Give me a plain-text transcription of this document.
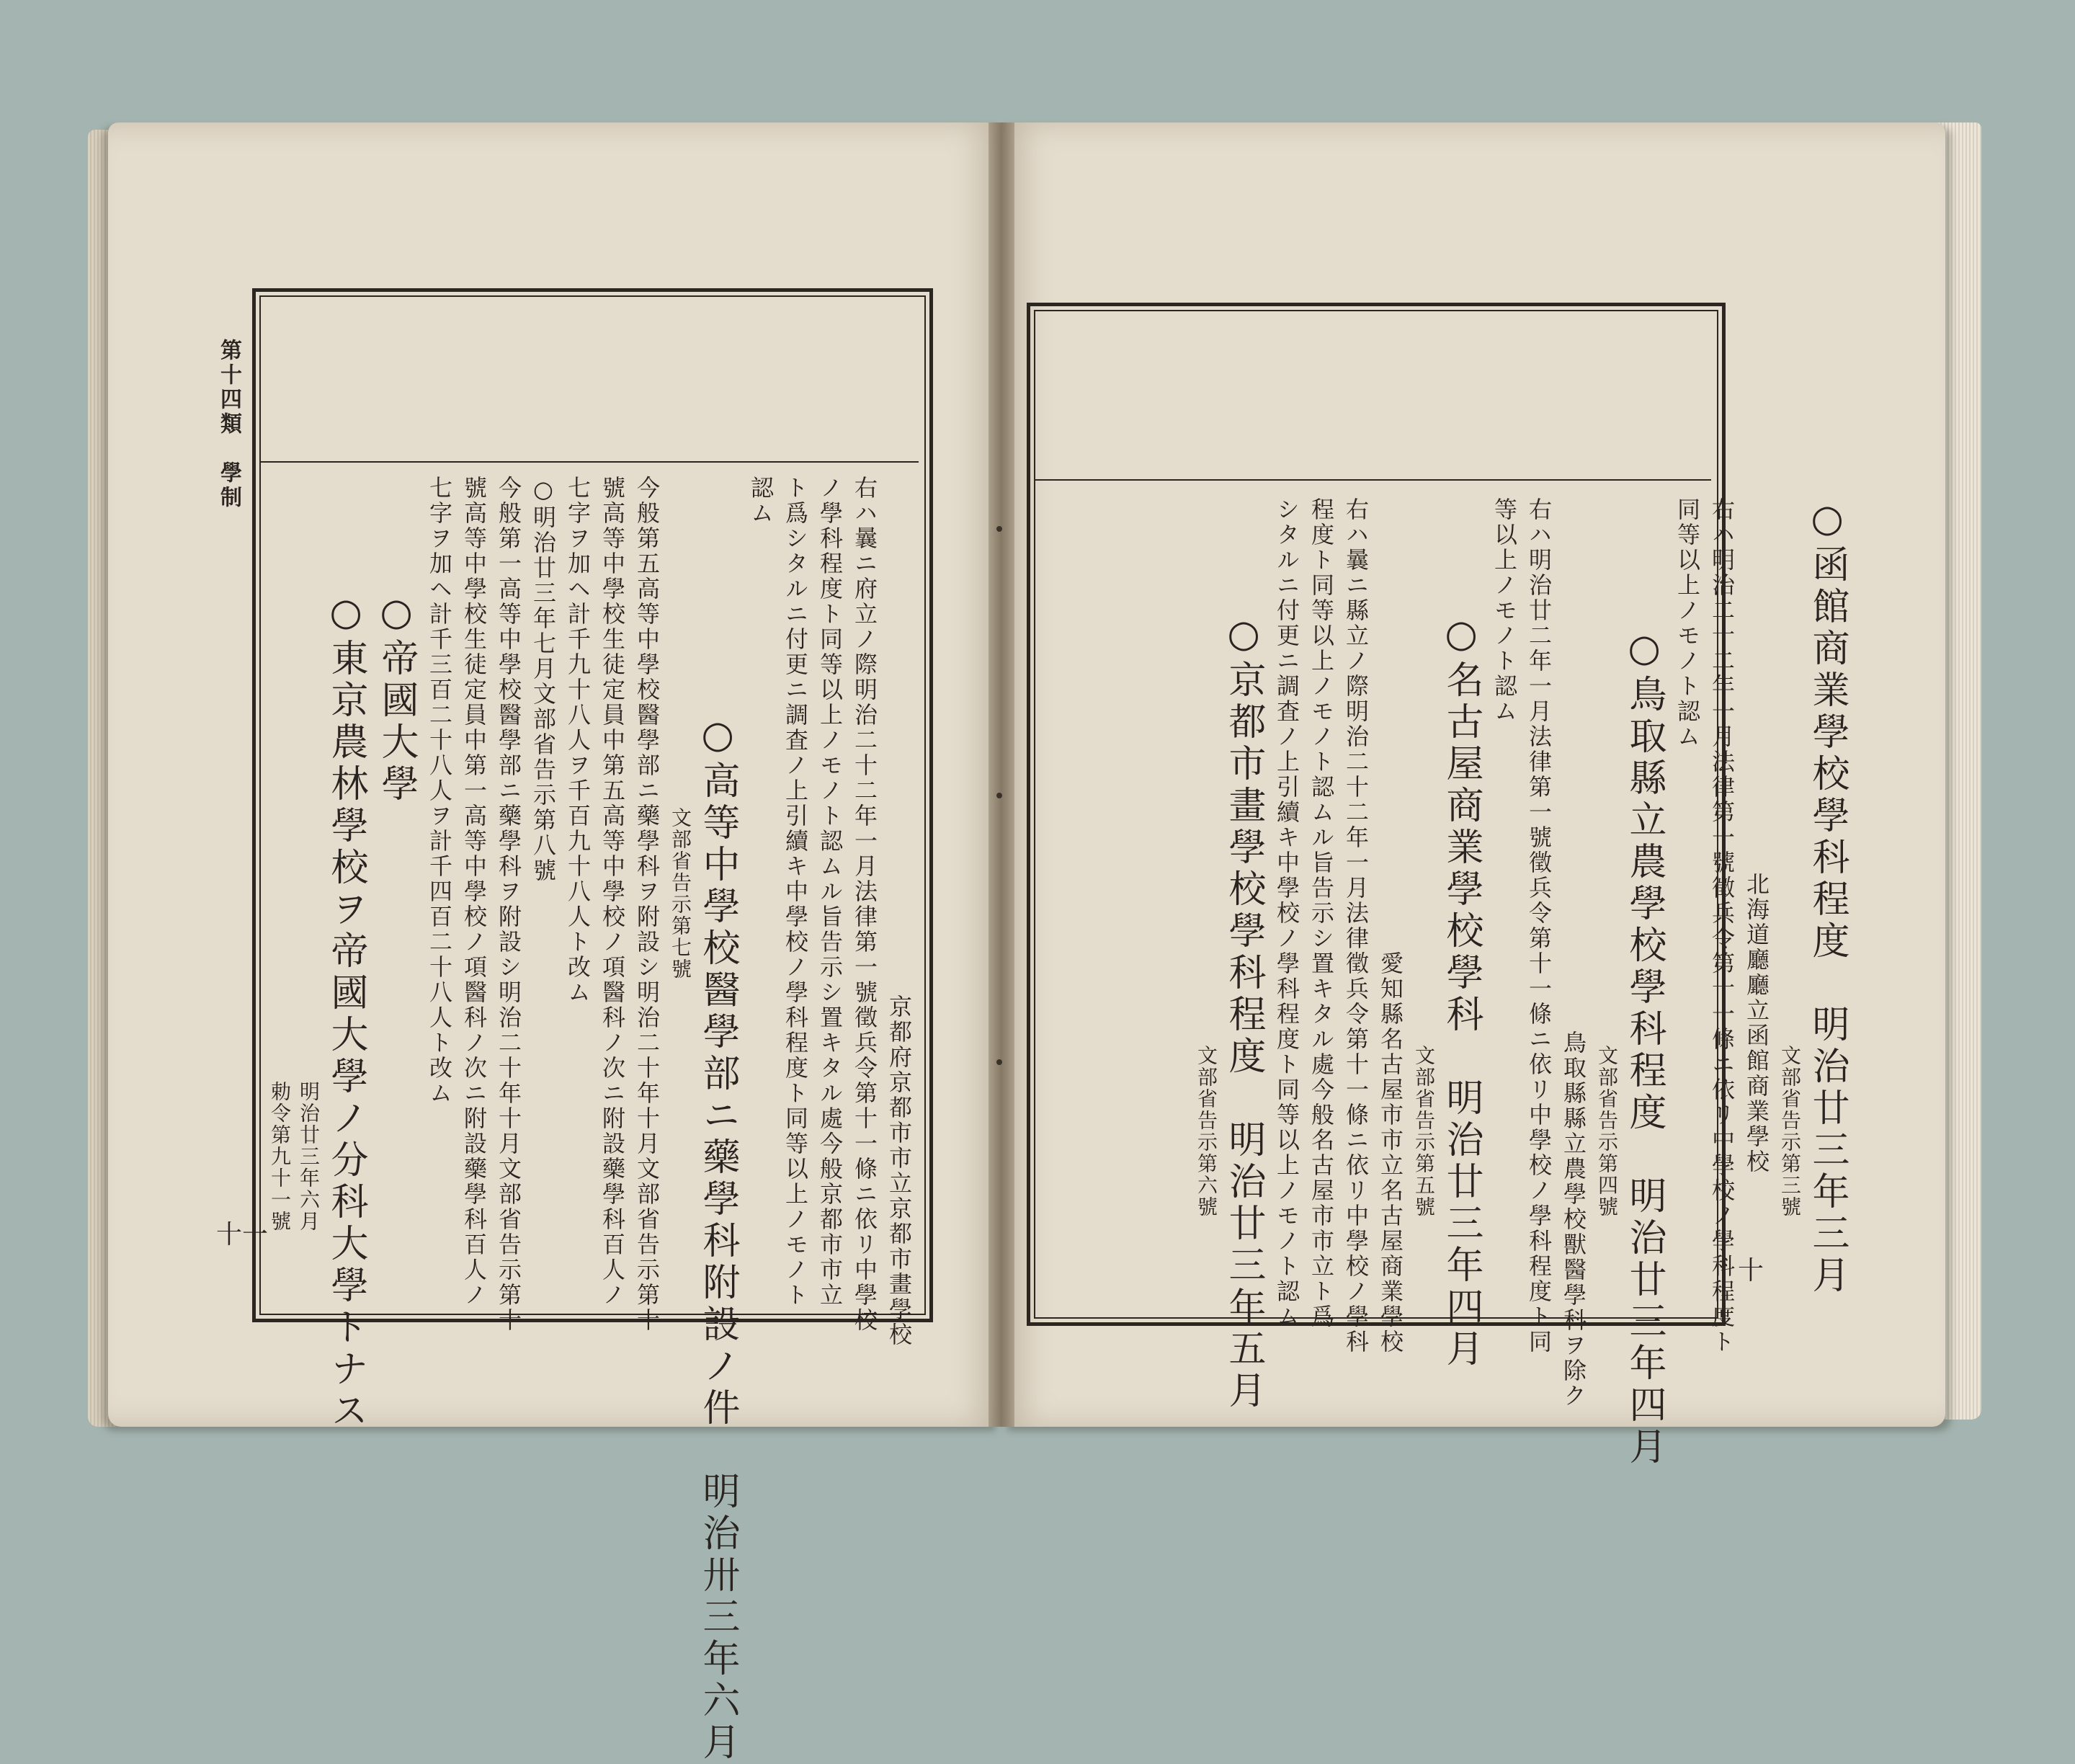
第十四類　學制
十一	京都府京都市市立京都市畫學校
右ハ曩ニ府立ノ際明治二十二年一月法律第一號徵兵令第十一條ニ依リ中學校
ノ學科程度ト同等以上ノモノト認ムル旨告示シ置キタル處今般京都市市立
ト爲シタルニ付更ニ調査ノ上引續キ中學校ノ學科程度ト同等以上ノモノト
認ム
○高等中學校醫學部ニ藥學科附設ノ件　明治卅三年六月
文部省告示第七號
今般第五高等中學校醫學部ニ藥學科ヲ附設シ明治二十年十月文部省告示第十
號高等中學校生徒定員中第五高等中學校ノ項醫科ノ次ニ附設藥學科百人ノ
七字ヲ加ヘ計千九十八人ヲ千百九十八人ト改ム
○明治廿三年七月文部省告示第八號
今般第一高等中學校醫學部ニ藥學科ヲ附設シ明治二十年十月文部省告示第十
號高等中學校生徒定員中第一高等中學校ノ項醫科ノ次ニ附設藥學科百人ノ
七字ヲ加ヘ計千三百二十八人ヲ計千四百二十八人ト改ム
○帝國大學
○東京農林學校ヲ帝國大學ノ分科大學トナス
明治廿三年六月
勅令第九十一號
十 ○函館商業學校學科程度　明治廿三年三月
文部省告示第三號
北海道廳廳立函館商業學校
右ハ明治二十二年一月法律第一號徵兵令第十一條ニ依リ中學校ノ學科程度ト
同等以上ノモノト認ム
○鳥取縣立農學校學科程度　明治廿三年四月
文部省告示第四號
鳥取縣縣立農學校獸醫學科ヲ除ク
右ハ明治廿二年一月法律第一號徵兵令第十一條ニ依リ中學校ノ學科程度ト同
等以上ノモノト認ム
○名古屋商業學校學科　明治廿三年四月
文部省告示第五號
愛知縣名古屋市市立名古屋商業學校
右ハ曩ニ縣立ノ際明治二十二年一月法律徵兵令第十一條ニ依リ中學校ノ學科
程度ト同等以上ノモノト認ムル旨告示シ置キタル處今般名古屋市市立ト爲
シタルニ付更ニ調査ノ上引續キ中學校ノ學科程度ト同等以上ノモノト認ム
○京都市畫學校學科程度　明治廿三年五月
文部省告示第六號
